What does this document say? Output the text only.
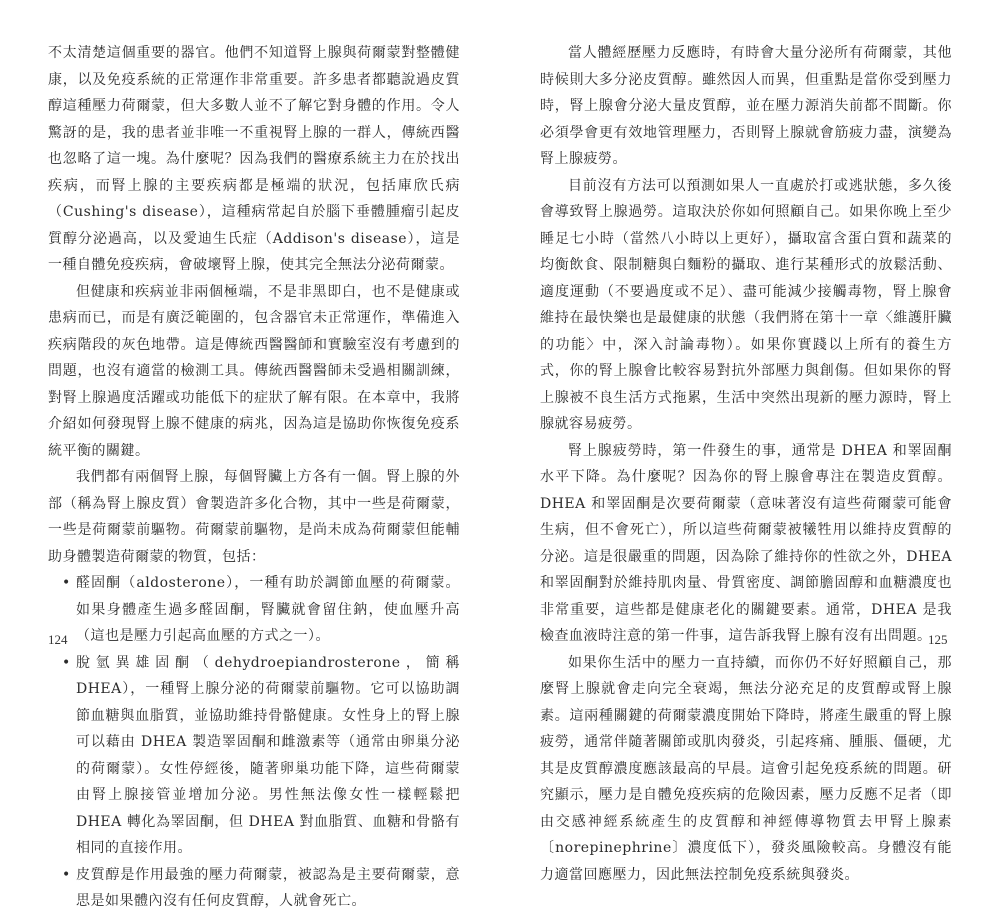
不太清楚這個重要的器官。他們不知道腎上腺與荷爾蒙對整體健康，以及免疫系統的正常運作非常重要。許多患者都聽說過皮質醇這種壓力荷爾蒙，但大多數人並不了解它對身體的作用。令人驚訝的是，我的患者並非唯一不重視腎上腺的一群人，傳統西醫也忽略了這一塊。為什麼呢？因為我們的醫療系統主力在於找出疾病，而腎上腺的主要疾病都是極端的狀況，包括庫欣氏病（Cushing's disease），這種病常起自於腦下垂體腫瘤引起皮質醇分泌過高，以及愛迪生氏症（Addison's disease），這是一種自體免疫疾病，會破壞腎上腺，使其完全無法分泌荷爾蒙。

但健康和疾病並非兩個極端，不是非黑即白，也不是健康或患病而已，而是有廣泛範圍的，包含器官未正常運作，準備進入疾病階段的灰色地帶。這是傳統西醫醫師和實驗室沒有考慮到的問題，也沒有適當的檢測工具。傳統西醫醫師未受過相關訓練，對腎上腺過度活躍或功能低下的症狀了解有限。在本章中，我將介紹如何發現腎上腺不健康的病兆，因為這是協助你恢復免疫系統平衡的關鍵。

我們都有兩個腎上腺，每個腎臟上方各有一個。腎上腺的外部（稱為腎上腺皮質）會製造許多化合物，其中一些是荷爾蒙，一些是荷爾蒙前驅物。荷爾蒙前驅物，是尚未成為荷爾蒙但能輔助身體製造荷爾蒙的物質，包括：

• 醛固酮（aldosterone），一種有助於調節血壓的荷爾蒙。如果身體產生過多醛固酮，腎臟就會留住鈉，使血壓升高（這也是壓力引起高血壓的方式之一）。
• 脫氫異雄固酮（dehydroepiandrosterone，簡稱 DHEA），一種腎上腺分泌的荷爾蒙前驅物。它可以協助調節血糖與血脂質，並協助維持骨骼健康。女性身上的腎上腺可以藉由 DHEA 製造睪固酮和雌激素等（通常由卵巢分泌的荷爾蒙）。女性停經後，隨著卵巢功能下降，這些荷爾蒙由腎上腺接管並增加分泌。男性無法像女性一樣輕鬆把 DHEA 轉化為睪固酮，但 DHEA 對血脂質、血糖和骨骼有相同的直接作用。
• 皮質醇是作用最強的壓力荷爾蒙，被認為是主要荷爾蒙，意思是如果體內沒有任何皮質醇，人就會死亡。
124

當人體經歷壓力反應時，有時會大量分泌所有荷爾蒙，其他時候則大多分泌皮質醇。雖然因人而異，但重點是當你受到壓力時，腎上腺會分泌大量皮質醇，並在壓力源消失前都不間斷。你必須學會更有效地管理壓力，否則腎上腺就會筋疲力盡，演變為腎上腺疲勞。

目前沒有方法可以預測如果人一直處於打或逃狀態，多久後會導致腎上腺過勞。這取決於你如何照顧自己。如果你晚上至少睡足七小時（當然八小時以上更好），攝取富含蛋白質和蔬菜的均衡飲食、限制糖與白麵粉的攝取、進行某種形式的放鬆活動、適度運動（不要過度或不足）、盡可能減少接觸毒物，腎上腺會維持在最快樂也是最健康的狀態（我們將在第十一章〈維護肝臟的功能〉中，深入討論毒物）。如果你實踐以上所有的養生方式，你的腎上腺會比較容易對抗外部壓力與創傷。但如果你的腎上腺被不良生活方式拖累，生活中突然出現新的壓力源時，腎上腺就容易疲勞。

腎上腺疲勞時，第一件發生的事，通常是 DHEA 和睪固酮水平下降。為什麼呢？因為你的腎上腺會專注在製造皮質醇。DHEA 和睪固酮是次要荷爾蒙（意味著沒有這些荷爾蒙可能會生病，但不會死亡），所以這些荷爾蒙被犧牲用以維持皮質醇的分泌。這是很嚴重的問題，因為除了維持你的性欲之外，DHEA 和睪固酮對於維持肌肉量、骨質密度、調節膽固醇和血糖濃度也非常重要，這些都是健康老化的關鍵要素。通常，DHEA 是我檢查血液時注意的第一件事，這告訴我腎上腺有沒有出問題。

如果你生活中的壓力一直持續，而你仍不好好照顧自己，那麼腎上腺就會走向完全衰竭，無法分泌充足的皮質醇或腎上腺素。這兩種關鍵的荷爾蒙濃度開始下降時，將產生嚴重的腎上腺疲勞，通常伴隨著關節或肌肉發炎，引起疼痛、腫脹、僵硬，尤其是皮質醇濃度應該最高的早晨。這會引起免疫系統的問題。研究顯示，壓力是自體免疫疾病的危險因素，壓力反應不足者（即由交感神經系統產生的皮質醇和神經傳導物質去甲腎上腺素〔norepinephrine〕濃度低下），發炎風險較高。身體沒有能力適當回應壓力，因此無法控制免疫系統與發炎。

125
